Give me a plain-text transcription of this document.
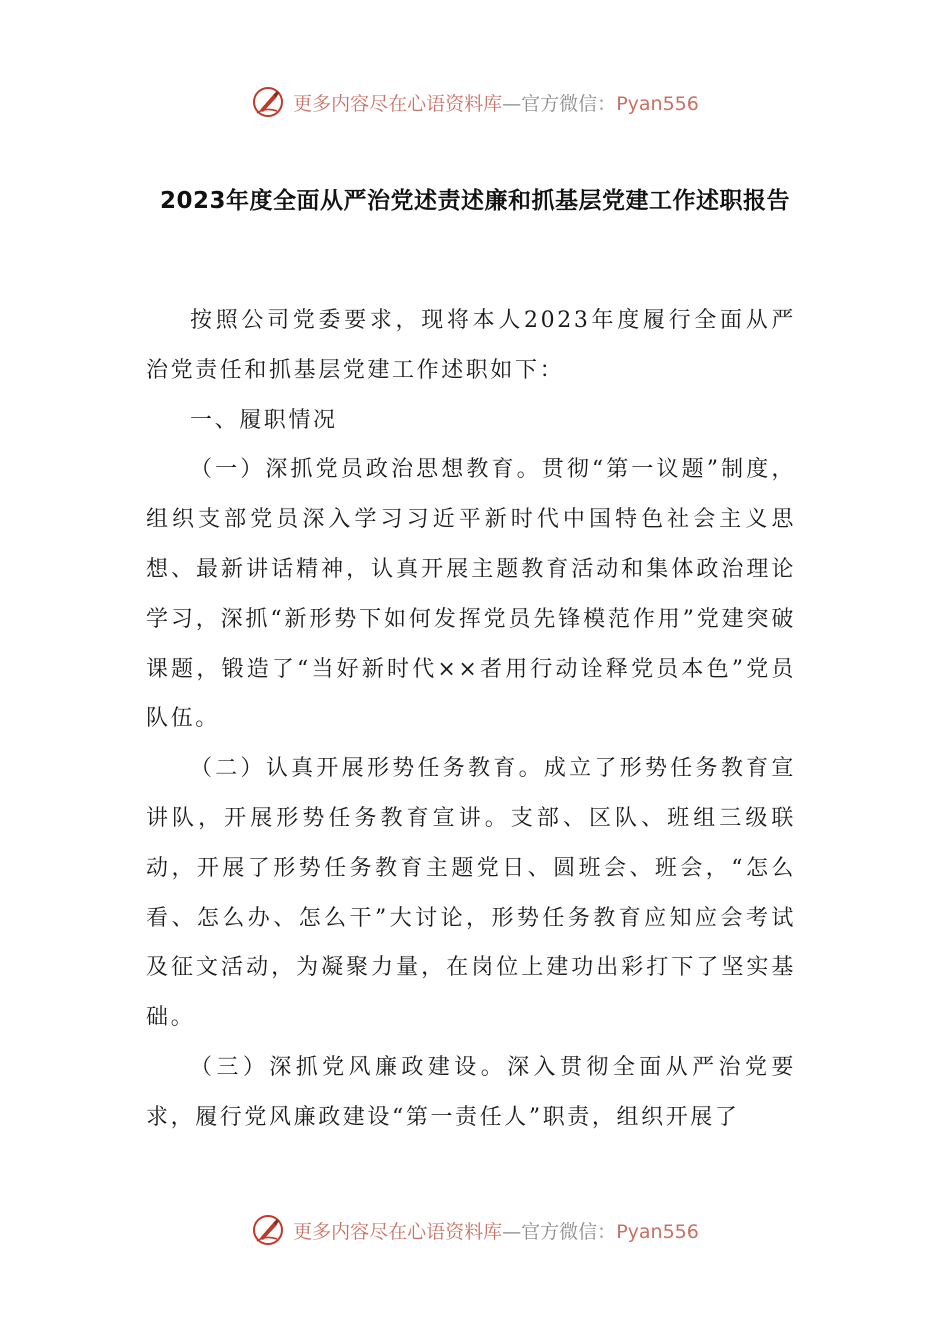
更多内容尽在心语资料库—官方微信：Pyan556
2023年度全面从严治党述责述廉和抓基层党建工作述职报告

按照公司党委要求，现将本人2023年度履行全面从严治党责任和抓基层党建工作述职如下：

一、履职情况

（一）深抓党员政治思想教育。贯彻“第一议题”制度，组织支部党员深入学习习近平新时代中国特色社会主义思想、最新讲话精神，认真开展主题教育活动和集体政治理论学习，深抓“新形势下如何发挥党员先锋模范作用”党建突破课题，锻造了“当好新时代××者用行动诠释党员本色”党员队伍。

（二）认真开展形势任务教育。成立了形势任务教育宣讲队，开展形势任务教育宣讲。支部、区队、班组三级联动，开展了形势任务教育主题党日、圆班会、班会，“怎么看、怎么办、怎么干”大讨论，形势任务教育应知应会考试及征文活动，为凝聚力量，在岗位上建功出彩打下了坚实基础。

（三）深抓党风廉政建设。深入贯彻全面从严治党要求，履行党风廉政建设“第一责任人”职责，组织开展了

更多内容尽在心语资料库—官方微信：Pyan556
